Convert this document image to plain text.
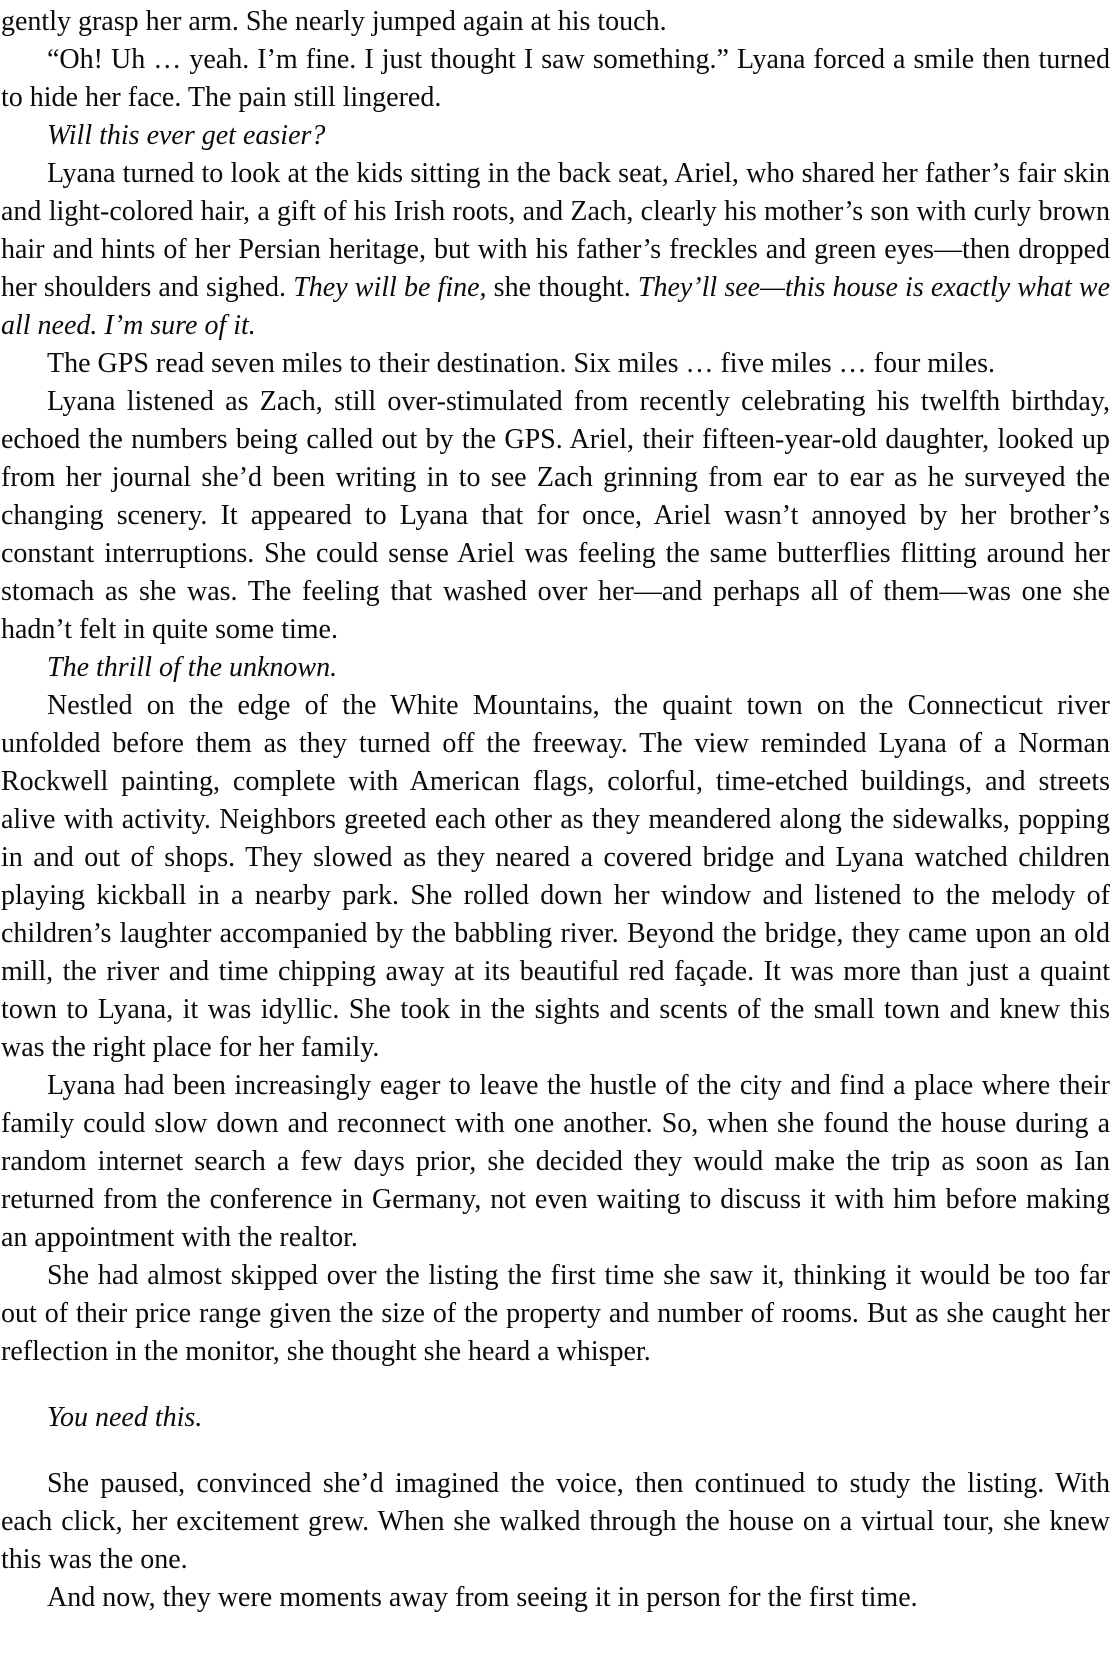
gently grasp her arm. She nearly jumped again at his touch.

“Oh! Uh … yeah. I’m fine. I just thought I saw something.” Lyana forced a smile then turned to hide her face. The pain still lingered.

Will this ever get easier?

Lyana turned to look at the kids sitting in the back seat, Ariel, who shared her father’s fair skin and light-colored hair, a gift of his Irish roots, and Zach, clearly his mother’s son with curly brown hair and hints of her Persian heritage, but with his father’s freckles and green eyes—then dropped her shoulders and sighed. They will be fine, she thought. They’ll see—this house is exactly what we all need. I’m sure of it.

The GPS read seven miles to their destination. Six miles … five miles … four miles.

Lyana listened as Zach, still over-stimulated from recently celebrating his twelfth birthday, echoed the numbers being called out by the GPS. Ariel, their fifteen-year-old daughter, looked up from her journal she’d been writing in to see Zach grinning from ear to ear as he surveyed the changing scenery. It appeared to Lyana that for once, Ariel wasn’t annoyed by her brother’s constant interruptions. She could sense Ariel was feeling the same butterflies flitting around her stomach as she was. The feeling that washed over her—and perhaps all of them—was one she hadn’t felt in quite some time.

The thrill of the unknown.

Nestled on the edge of the White Mountains, the quaint town on the Connecticut river unfolded before them as they turned off the freeway. The view reminded Lyana of a Norman Rockwell painting, complete with American flags, colorful, time-etched buildings, and streets alive with activity. Neighbors greeted each other as they meandered along the sidewalks, popping in and out of shops. They slowed as they neared a covered bridge and Lyana watched children playing kickball in a nearby park. She rolled down her window and listened to the melody of children’s laughter accompanied by the babbling river. Beyond the bridge, they came upon an old mill, the river and time chipping away at its beautiful red façade. It was more than just a quaint town to Lyana, it was idyllic. She took in the sights and scents of the small town and knew this was the right place for her family.

Lyana had been increasingly eager to leave the hustle of the city and find a place where their family could slow down and reconnect with one another. So, when she found the house during a random internet search a few days prior, she decided they would make the trip as soon as Ian returned from the conference in Germany, not even waiting to discuss it with him before making an appointment with the realtor.

She had almost skipped over the listing the first time she saw it, thinking it would be too far out of their price range given the size of the property and number of rooms. But as she caught her reflection in the monitor, she thought she heard a whisper.

You need this.

She paused, convinced she’d imagined the voice, then continued to study the listing. With each click, her excitement grew. When she walked through the house on a virtual tour, she knew this was the one.

And now, they were moments away from seeing it in person for the first time.
